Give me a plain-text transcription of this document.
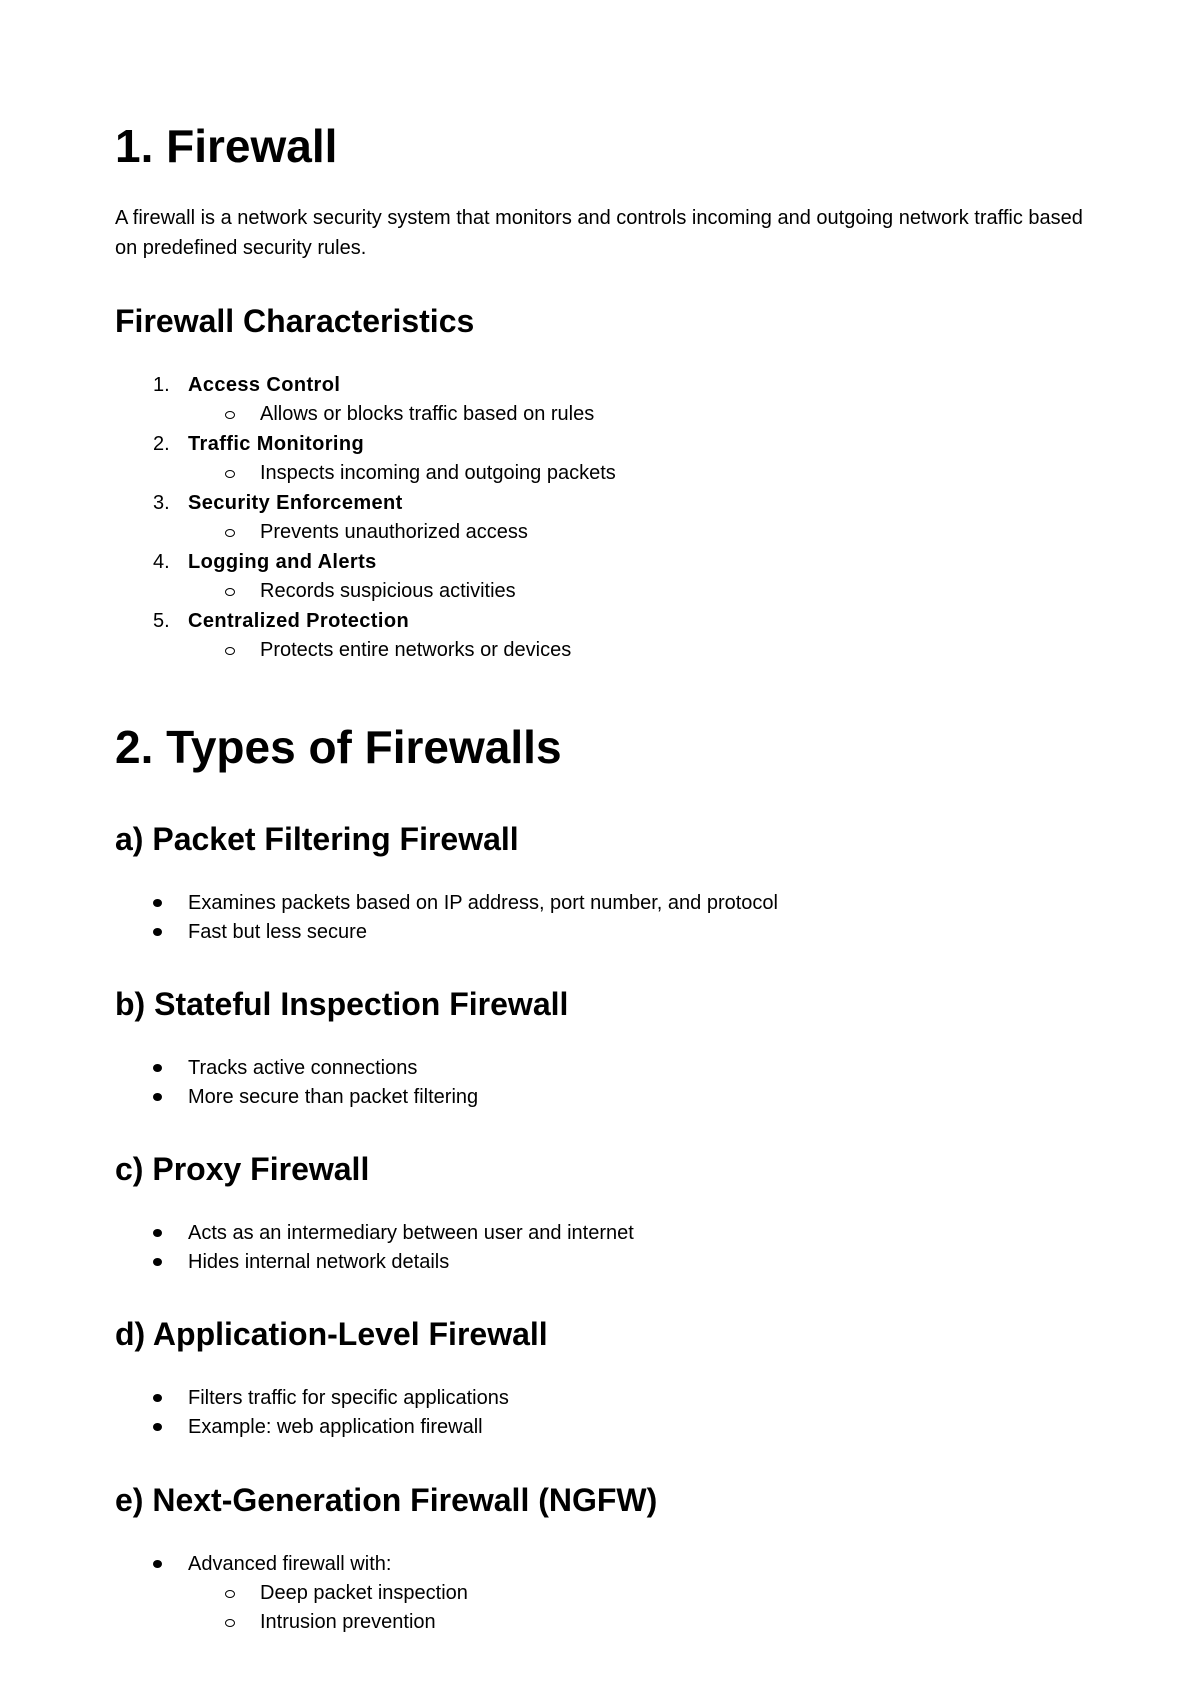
1. Firewall

A firewall is a network security system that monitors and controls incoming and outgoing network traffic based on predefined security rules.

Firewall Characteristics
1. Access Control
Allows or blocks traffic based on rules
2. Traffic Monitoring
Inspects incoming and outgoing packets
3. Security Enforcement
Prevents unauthorized access
4. Logging and Alerts
Records suspicious activities
5. Centralized Protection
Protects entire networks or devices
2. Types of Firewalls
a) Packet Filtering Firewall
Examines packets based on IP address, port number, and protocol
Fast but less secure
b) Stateful Inspection Firewall
Tracks active connections
More secure than packet filtering
c) Proxy Firewall
Acts as an intermediary between user and internet
Hides internal network details
d) Application-Level Firewall
Filters traffic for specific applications
Example: web application firewall
e) Next-Generation Firewall (NGFW)
Advanced firewall with:
Deep packet inspection
Intrusion prevention
